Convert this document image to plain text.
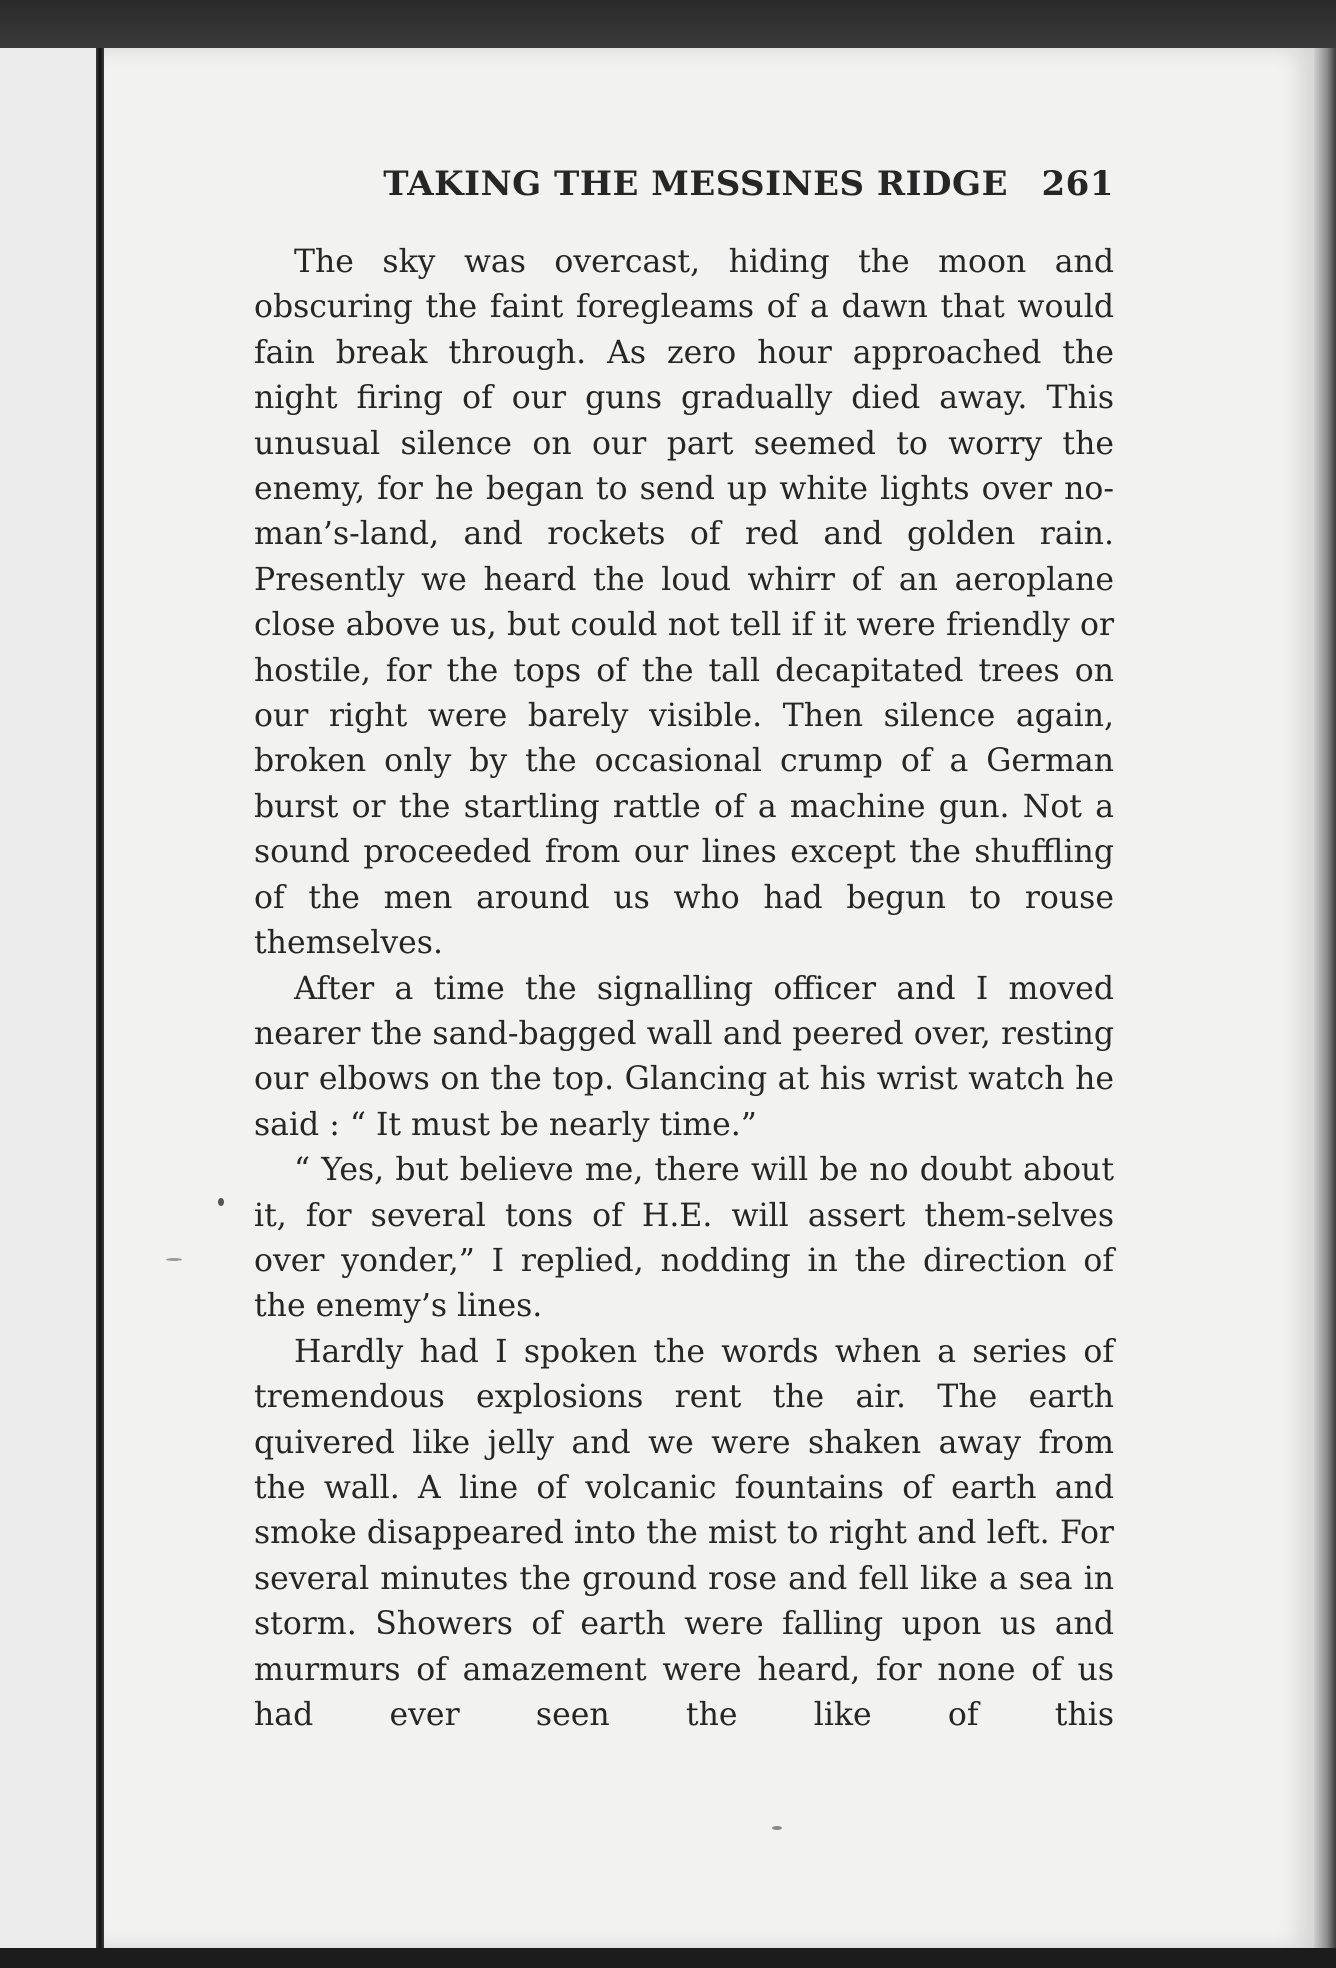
TAKING THE MESSINES RIDGE 261

The sky was overcast, hiding the moon and obscuring the faint foregleams of a dawn that would fain break through. As zero hour approached the night firing of our guns gradually died away. This unusual silence on our part seemed to worry the enemy, for he began to send up white lights over no-man’s-land, and rockets of red and golden rain. Presently we heard the loud whirr of an aeroplane close above us, but could not tell if it were friendly or hostile, for the tops of the tall decapitated trees on our right were barely visible. Then silence again, broken only by the occasional crump of a German burst or the startling rattle of a machine gun. Not a sound proceeded from our lines except the shuffling of the men around us who had begun to rouse themselves.

After a time the signalling officer and I moved nearer the sand-bagged wall and peered over, resting our elbows on the top. Glancing at his wrist watch he said : “ It must be nearly time.”

“ Yes, but believe me, there will be no doubt about it, for several tons of H.E. will assert them-selves over yonder,” I replied, nodding in the direction of the enemy’s lines.

Hardly had I spoken the words when a series of tremendous explosions rent the air. The earth quivered like jelly and we were shaken away from the wall. A line of volcanic fountains of earth and smoke disappeared into the mist to right and left. For several minutes the ground rose and fell like a sea in storm. Showers of earth were falling upon us and murmurs of amazement were heard, for none of us had ever seen the like of this
